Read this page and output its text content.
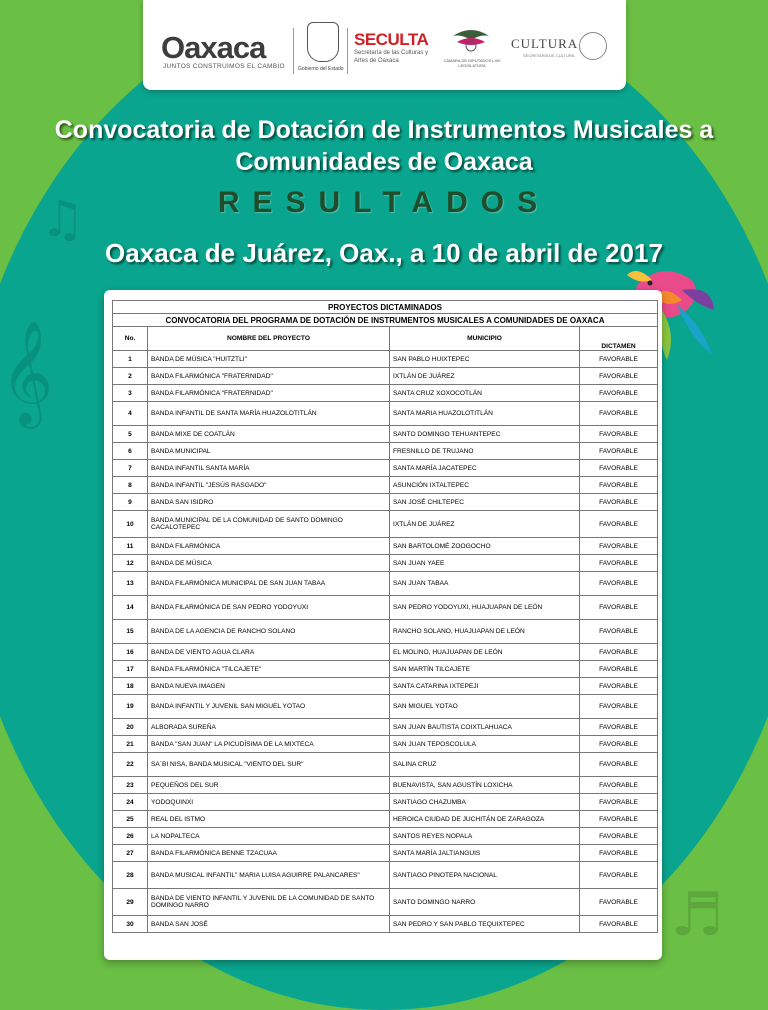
𝄞
♫
♬
Oaxaca
JUNTOS CONSTRUIMOS EL CAMBIO	Gobierno del Estado
SECULTA
Secretaría de las Culturas y Artes de Oaxaca	CÁMARA DE DIPUTADOS LXIII LEGISLATURA
CULTURA
SECRETARÍA DE CULTURA
Convocatoria de Dotación de Instrumentos Musicales a
Comunidades de Oaxaca
RESULTADOS
Oaxaca de Juárez, Oax., a 10 de abril de 2017
PROYECTOS DICTAMINADOS			
CONVOCATORIA DEL PROGRAMA DE DOTACIÓN DE INSTRUMENTOS MUSICALES A COMUNIDADES DE OAXACA			
No.	NOMBRE DEL PROYECTO	MUNICIPIO	DICTAMEN
1	BANDA DE MÚSICA "HUITZTLI"	SAN PABLO HUIXTEPEC	FAVORABLE
2	BANDA FILARMÓNICA "FRATERNIDAD"	IXTLÁN DE JUÁREZ	FAVORABLE
3	BANDA FILARMÓNICA "FRATERNIDAD"	SANTA CRUZ XOXOCOTLÁN	FAVORABLE
4	BANDA INFANTIL DE SANTA MARÍA HUAZOLOTITLÁN	SANTA MARIA HUAZOLOTITLÁN	FAVORABLE
5	BANDA MIXE DE COATLÁN	SANTO DOMINGO TEHUANTEPEC	FAVORABLE
6	BANDA MUNICIPAL	FRESNILLO DE TRUJANO	FAVORABLE
7	BANDA INFANTIL SANTA MARÍA	SANTA MARÍA JACATEPEC	FAVORABLE
8	BANDA INFANTIL "JESÚS RASGADO"	ASUNCIÓN IXTALTEPEC	FAVORABLE
9	BANDA SAN ISIDRO	SAN JOSÉ CHILTEPEC	FAVORABLE
10	BANDA MUNICIPAL DE LA COMUNIDAD DE SANTO DOMINGO CACALOTEPEC	IXTLÁN DE JUÁREZ	FAVORABLE
11	BANDA FILARMÓNICA	SAN BARTOLOMÉ ZOOGOCHO	FAVORABLE
12	BANDA DE MÚSICA	SAN JUAN YAEE	FAVORABLE
13	BANDA FILARMÓNICA MUNICIPAL DE SAN JUAN TABAA	SAN JUAN TABAA	FAVORABLE
14	BANDA FILARMÓNICA DE SAN PEDRO YODOYUXI	SAN PEDRO YODOYUXI, HUAJUAPAN DE LEÓN	FAVORABLE
15	BANDA DE LA AGENCIA DE RANCHO SOLANO	RANCHO SOLANO, HUAJUAPAN DE LEÓN	FAVORABLE
16	BANDA DE VIENTO AGUA CLARA	EL MOLINO, HUAJUAPAN DE LEÓN	FAVORABLE
17	BANDA FILARMÓNICA "TILCAJETE"	SAN MARTÍN TILCAJETE	FAVORABLE
18	BANDA NUEVA IMAGEN	SANTA CATARINA IXTEPEJI	FAVORABLE
19	BANDA INFANTIL Y JUVENIL SAN MIGUEL YOTAO	SAN MIGUEL YOTAO	FAVORABLE
20	ALBORADA SUREÑA	SAN JUAN BAUTISTA COIXTLAHUACA	FAVORABLE
21	BANDA "SAN JUAN" LA PICUDÍSIMA DE LA MIXTECA	SAN JUAN TEPOSCOLULA	FAVORABLE
22	SA´BI NISA, BANDA MUSICAL "VIENTO DEL SUR"	SALINA CRUZ	FAVORABLE
23	PEQUEÑOS DEL SUR	BUENAVISTA, SAN AGUSTÍN LOXICHA	FAVORABLE
24	YODOQUINXI	SANTIAGO CHAZUMBA	FAVORABLE
25	REAL DEL ISTMO	HEROICA CIUDAD DE JUCHITÁN DE ZARAGOZA	FAVORABLE
26	LA NOPALTECA	SANTOS REYES NOPALA	FAVORABLE
27	BANDA FILARMÓNICA BENNE TZACUAA	SANTA MARÍA JALTIANGUIS	FAVORABLE
28	BANDA MUSICAL INFANTIL" MARIA LUISA AGUIRRE PALANCARES"	SANTIAGO PINOTEPA NACIONAL	FAVORABLE
29	BANDA DE VIENTO INFANTIL Y JUVENIL DE LA COMUNIDAD DE SANTO DOMINGO NARRO	SANTO DOMINGO NARRO	FAVORABLE
30	BANDA SAN JOSÉ	SAN PEDRO Y SAN PABLO TEQUIXTEPEC	FAVORABLE
